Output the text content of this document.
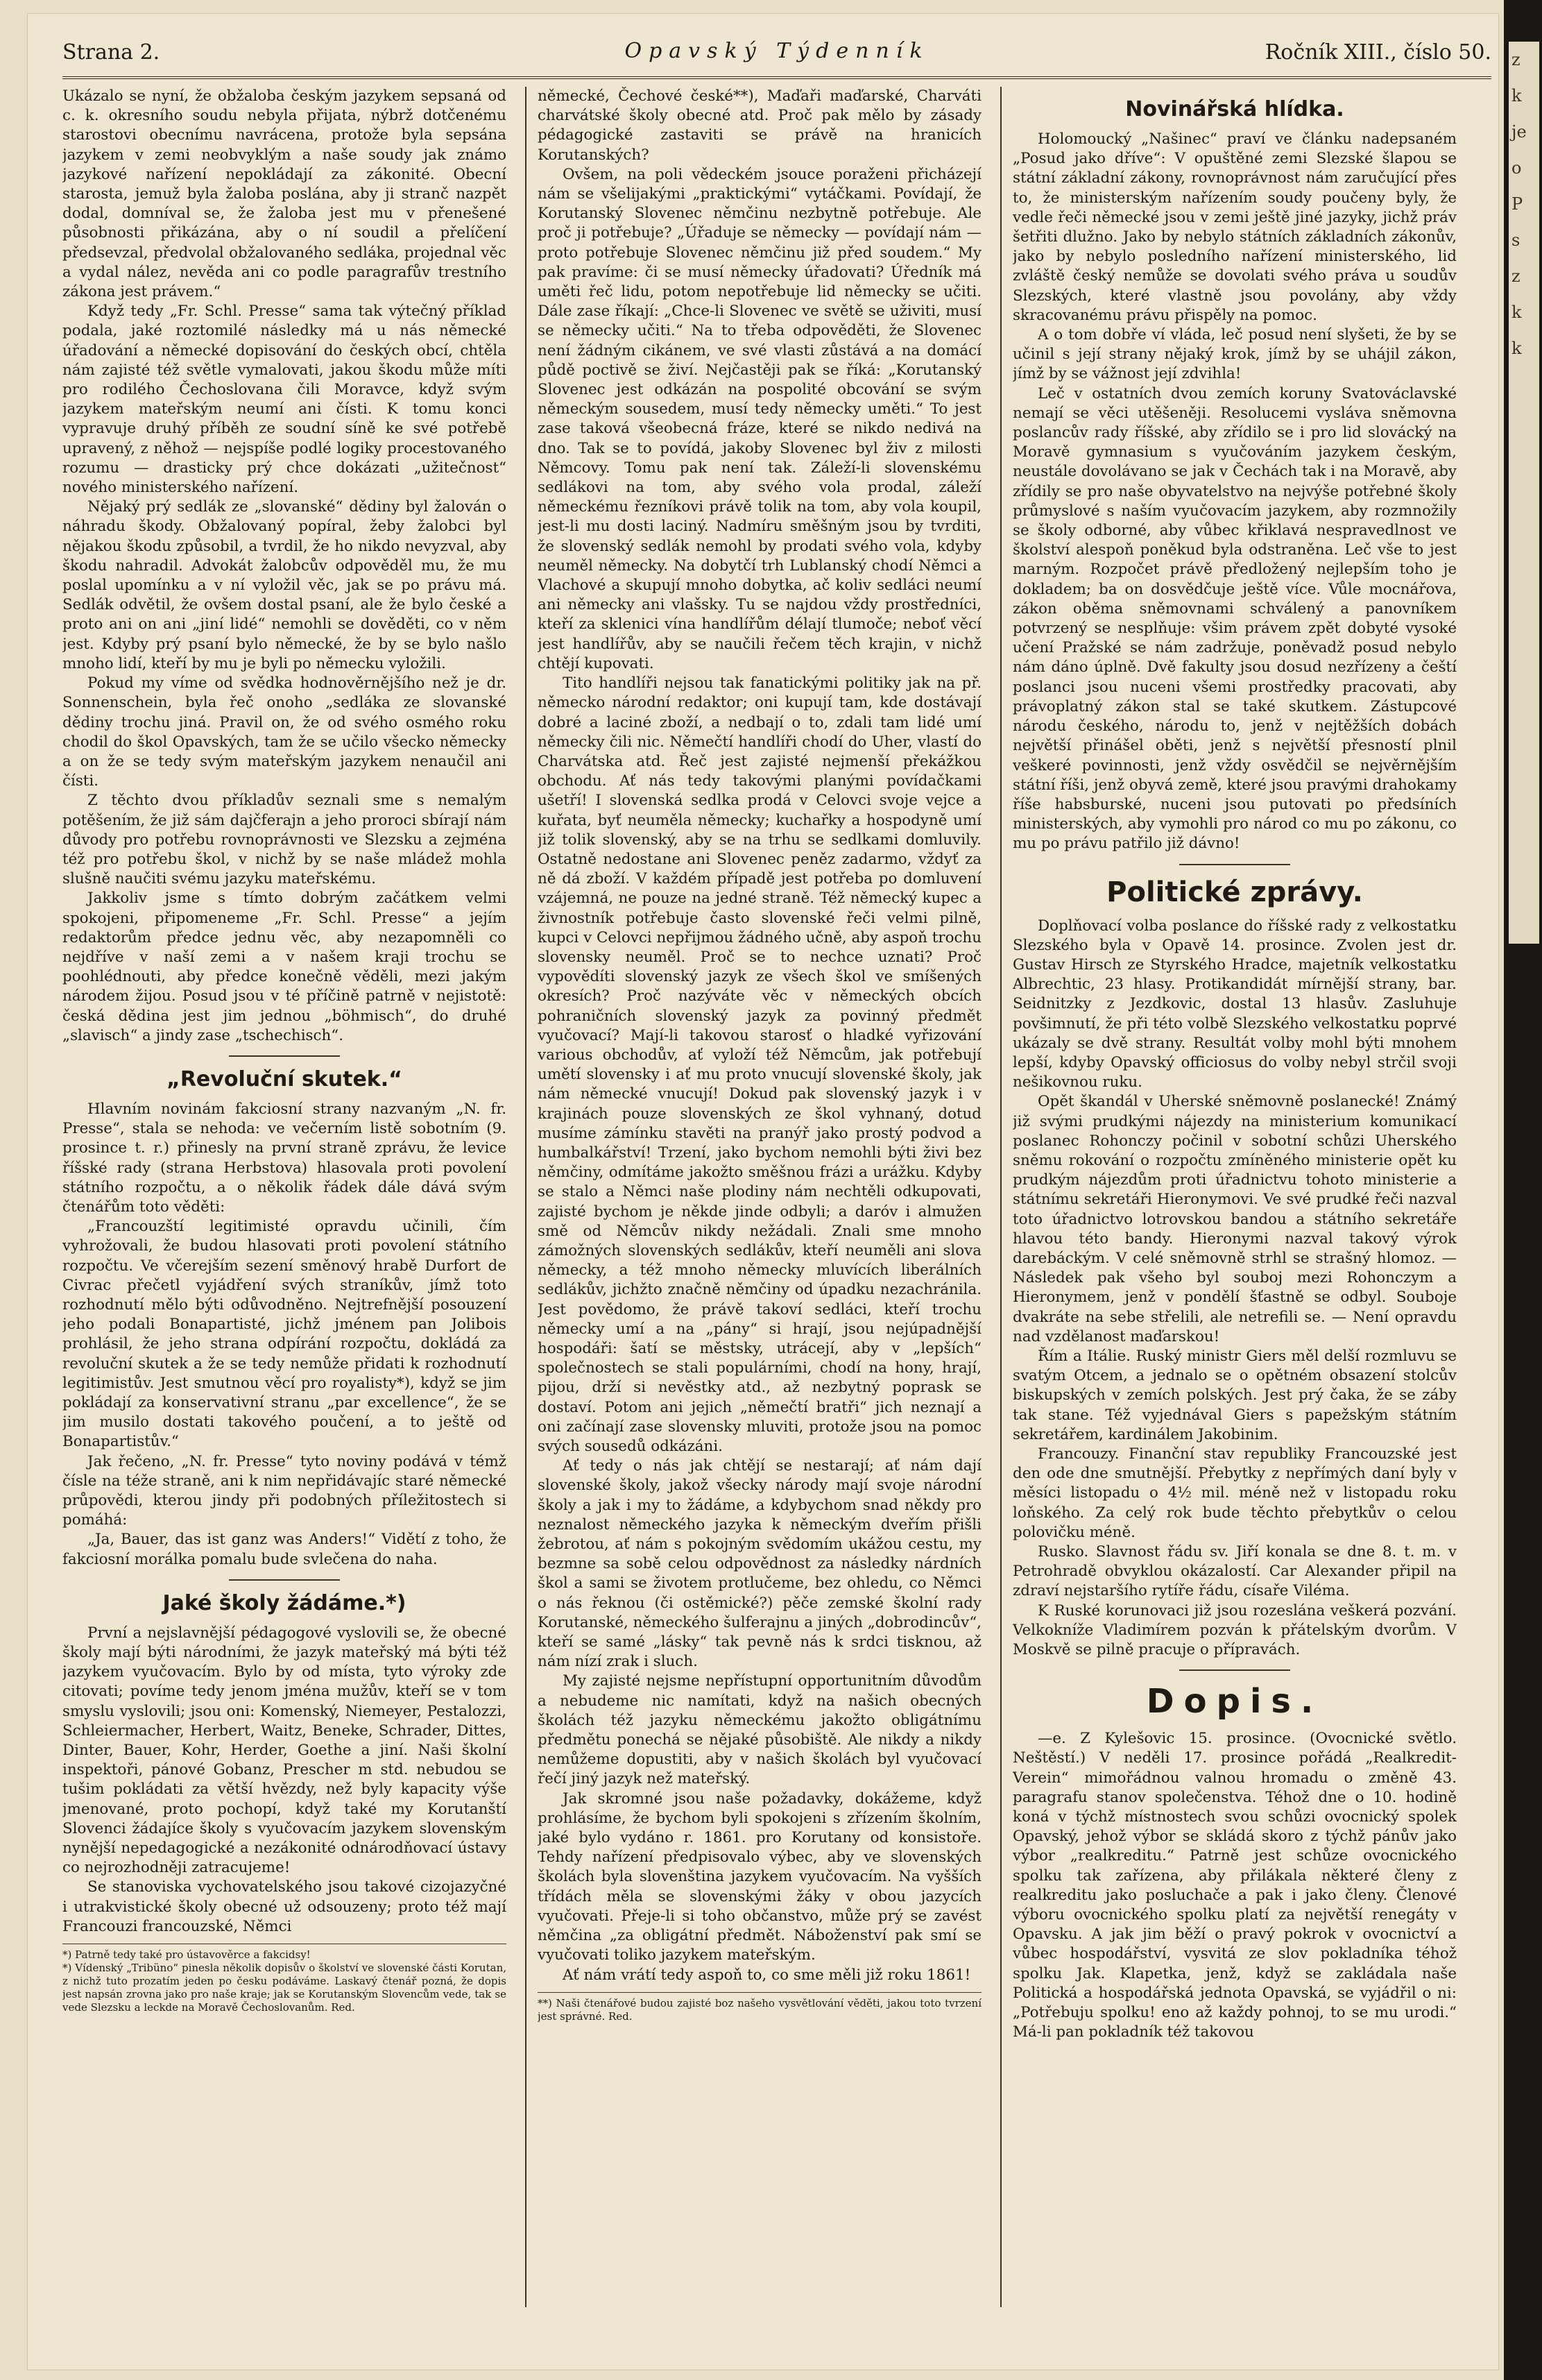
Strana 2.	Opavský Týdenník	Ročník XIII., číslo 50.

Ukázalo se nyní, že obžaloba českým jazykem sepsaná od c. k. okresního soudu nebyla přijata, nýbrž dotčenému starostovi obecnímu navrácena, protože byla sepsána jazykem v zemi neobvyklým a naše soudy jak známo jazykové nařízení nepokládají za zákonité. Obecní starosta, jemuž byla žaloba poslána, aby ji stranč nazpět dodal, domníval se, že žaloba jest mu v přenešené působnosti přikázána, aby o ní soudil a přelíčení předsevzal, předvolal obžalovaného sedláka, projednal věc a vydal nález, nevěda ani co podle paragrafův trestního zákona jest právem.“

Když tedy „Fr. Schl. Presse“ sama tak výtečný příklad podala, jaké roztomilé následky má u nás německé úřadování a německé dopisování do českých obcí, chtěla nám zajisté též světle vymalovati, jakou škodu může míti pro rodilého Čechoslovana čili Moravce, když svým jazykem mateřským neumí ani čísti. K tomu konci vypravuje druhý příběh ze soudní síně ke své potřebě upravený, z něhož — nejspíše podlé logiky procestovaného rozumu — drasticky prý chce dokázati „užitečnost“ nového ministerského nařízení.

Nějaký prý sedlák ze „slovanské“ dědiny byl žalován o náhradu škody. Obžalovaný popíral, žeby žalobci byl nějakou škodu způsobil, a tvrdil, že ho nikdo nevyzval, aby škodu nahradil. Advokát žalobcův odpověděl mu, že mu poslal upomínku a v ní vyložil věc, jak se po právu má. Sedlák odvětil, že ovšem dostal psaní, ale že bylo české a proto ani on ani „jiní lidé“ nemohli se dověděti, co v něm jest. Kdyby prý psaní bylo německé, že by se bylo našlo mnoho lidí, kteří by mu je byli po německu vyložili.

Pokud my víme od svědka hodnověrnějšího než je dr. Sonnenschein, byla řeč onoho „sedláka ze slovanské dědiny trochu jiná. Pravil on, že od svého osmého roku chodil do škol Opavských, tam že se učilo všecko německy a on že se tedy svým mateřským jazykem nenaučil ani čísti.

Z těchto dvou příkladův seznali sme s nemalým potěšením, že již sám dajčferajn a jeho proroci sbírají nám důvody pro potřebu rovnoprávnosti ve Slezsku a zejména též pro potřebu škol, v nichž by se naše mládež mohla slušně naučiti svému jazyku mateřskému.

Jakkoliv jsme s tímto dobrým začátkem velmi spokojeni, připomeneme „Fr. Schl. Presse“ a jejím redaktorům předce jednu věc, aby nezapomněli co nejdříve v naší zemi a v našem kraji trochu se poohlédnouti, aby předce konečně věděli, mezi jakým národem žijou. Posud jsou v té příčině patrně v nejistotě: česká dědina jest jim jednou „böhmisch“, do druhé „slavisch“ a jindy zase „tschechisch“.

„Revoluční skutek.“

Hlavním novinám fakciosní strany nazvaným „N. fr. Presse“, stala se nehoda: ve večerním listě sobotním (9. prosince t. r.) přinesly na první straně zprávu, že levice říšské rady (strana Herbstova) hlasovala proti povolení státního rozpočtu, a o několik řádek dále dává svým čtenářům toto věděti:

„Francouzští legitimisté opravdu učinili, čím vyhrožovali, že budou hlasovati proti povolení státního rozpočtu. Ve včerejším sezení směnový hrabě Durfort de Civrac přečetl vyjádření svých straníkův, jímž toto rozhodnutí mělo býti odůvodněno. Nejtrefnější posouzení jeho podali Bonapartisté, jichž jménem pan Jolibois prohlásil, že jeho strana odpírání rozpočtu, dokládá za revoluční skutek a že se tedy nemůže přidati k rozhodnutí legitimistův. Jest smutnou věcí pro royalisty*), když se jim pokládají za konservativní stranu „par excellence“, že se jim musilo dostati takového poučení, a to ještě od Bonapartistův.“

Jak řečeno, „N. fr. Presse“ tyto noviny podává v témž čísle na téže straně, ani k nim nepřidávajíc staré německé průpovědi, kterou jindy při podobných příležitostech si pomáhá:

„Ja, Bauer, das ist ganz was Anders!“ Vidětí z toho, že fakciosní morálka pomalu bude svlečena do naha.

Jaké školy žádáme.*)

První a nejslavnější pédagogové vyslovili se, že obecné školy mají býti národními, že jazyk mateřský má býti též jazykem vyučovacím. Bylo by od místa, tyto výroky zde citovati; povíme tedy jenom jména mužův, kteří se v tom smyslu vyslovili; jsou oni: Komenský, Niemeyer, Pestalozzi, Schleiermacher, Herbert, Waitz, Beneke, Schrader, Dittes, Dinter, Bauer, Kohr, Herder, Goethe a jiní. Naši školní inspektoři, pánové Gobanz, Prescher m std. nebudou se tušim pokládati za větší hvězdy, než byly kapacity výše jmenované, proto pochopí, když také my Korutanští Slovenci žádajíce školy s vyučovacím jazykem slovenským nynější nepedagogické a nezákonité odnárodňovací ústavy co nejrozhodněji zatracujeme!

Se stanoviska vychovatelského jsou takové cizojazyčné i utrakvistické školy obecné už odsouzeny; proto též mají Francouzi francouzské, Němci

*) Patrně tedy také pro ústavověrce a fakcidsy!

*) Vídenský „Tribüno“ pinesla několik dopisův o školství ve slovenské části Korutan, z nichž tuto prozatím jeden po česku podáváme. Laskavý čtenář pozná, že dopis jest napsán zrovna jako pro naše kraje; jak se Korutanským Slovencům vede, tak se vede Slezsku a leckde na Moravě Čechoslovanům. Red.

německé, Čechové české**), Maďaři maďarské, Charváti charvátské školy obecné atd. Proč pak mělo by zásady pédagogické zastaviti se právě na hranicích Korutanských?

Ovšem, na poli vědeckém jsouce poraženi přicházejí nám se všelijakými „praktickými“ vytáčkami. Povídají, že Korutanský Slovenec němčinu nezbytně potřebuje. Ale proč ji potřebuje? „Úřaduje se německy — povídají nám — proto potřebuje Slovenec němčinu již před soudem.“ My pak pravíme: či se musí německy úřadovati? Úředník má uměti řeč lidu, potom nepotřebuje lid německy se učiti. Dále zase říkají: „Chce-li Slovenec ve světě se uživiti, musí se německy učiti.“ Na to třeba odpověděti, že Slovenec není žádným cikánem, ve své vlasti zůstává a na domácí půdě poctivě se živí. Nejčastěji pak se říká: „Korutanský Slovenec jest odkázán na pospolité obcování se svým německým sousedem, musí tedy německy uměti.“ To jest zase taková všeobecná fráze, které se nikdo nedivá na dno. Tak se to povídá, jakoby Slovenec byl živ z milosti Němcovy. Tomu pak není tak. Záleží-li slovenskému sedlákovi na tom, aby svého vola prodal, záleží německému řezníkovi právě tolik na tom, aby vola koupil, jest-li mu dosti laciný. Nadmíru směšným jsou by tvrditi, že slovenský sedlák nemohl by prodati svého vola, kdyby neuměl německy. Na dobytčí trh Lublanský chodí Němci a Vlachové a skupují mnoho dobytka, ač koliv sedláci neumí ani německy ani vlašsky. Tu se najdou vždy prostředníci, kteří za sklenici vína handlířům délají tlumoče; neboť věcí jest handlířův, aby se naučili řečem těch krajin, v nichž chtějí kupovati.

Tito handlíři nejsou tak fanatickými politiky jak na př. německo národní redaktor; oni kupují tam, kde dostávají dobré a laciné zboží, a nedbají o to, zdali tam lidé umí německy čili nic. Němečtí handlíři chodí do Uher, vlastí do Charvátska atd. Řeč jest zajisté nejmenší překážkou obchodu. Ať nás tedy takovými planými povídačkami ušetří! I slovenská sedlka prodá v Celovci svoje vejce a kuřata, byť neuměla německy; kuchařky a hospodyně umí již tolik slovenský, aby se na trhu se sedlkami domluvily. Ostatně nedostane ani Slovenec peněz zadarmo, vždyť za ně dá zboží. V každém případě jest potřeba po domluvení vzájemná, ne pouze na jedné straně. Též německý kupec a živnostník potřebuje často slovenské řeči velmi pilně, kupci v Celovci nepřijmou žádného učně, aby aspoň trochu slovensky neuměl. Proč se to nechce uznati? Proč vypovědíti slovenský jazyk ze všech škol ve smíšených okresích? Proč nazýváte věc v německých obcích pohraničních slovenský jazyk za povinný předmět vyučovací? Mají-li takovou starosť o hladké vyřizování various obchodův, ať vyloží též Němcům, jak potřebují umětí slovensky i ať mu proto vnucují slovenské školy, jak nám německé vnucují! Dokud pak slovenský jazyk i v krajinách pouze slovenských ze škol vyhnaný, dotud musíme zámínku stavěti na pranýř jako prostý podvod a humbalkářství! Trzení, jako bychom nemohli býti živi bez němčiny, odmítáme jakožto směšnou frázi a urážku. Kdyby se stalo a Němci naše plodiny nám nechtěli odkupovati, zajisté bychom je někde jinde odbyli; a daróv i almužen smě od Němcův nikdy nežádali. Znali sme mnoho zámožných slovenských sedlákův, kteří neuměli ani slova německy, a též mnoho německy mluvících liberálních sedlákův, jichžto značně němčiny od úpadku nezachránila. Jest povědomo, že právě takoví sedláci, kteří trochu německy umí a na „pány“ si hrají, jsou nejúpadnější hospodáři: šatí se městsky, utrácejí, aby v „lepších“ společnostech se stali populárními, chodí na hony, hrají, pijou, drží si nevěstky atd., až nezbytný poprask se dostaví. Potom ani jejich „němečtí bratři“ jich neznají a oni začínají zase slovensky mluviti, protože jsou na pomoc svých sousedů odkázáni.

Ať tedy o nás jak chtějí se nestarají; ať nám dají slovenské školy, jakož všecky národy mají svoje národní školy a jak i my to žádáme, a kdybychom snad někdy pro neznalost německého jazyka k německým dveřím přišli žebrotou, ať nám s pokojným svědomím ukážou cestu, my bezmne sa sobě celou odpovědnost za následky nárdních škol a sami se životem protlučeme, bez ohledu, co Němci o nás řeknou (či ostěmické?) pěče zemské školní rady Korutanské, německého šulferajnu a jiných „dobrodincův“, kteří se samé „lásky“ tak pevně nás k srdci tisknou, až nám nízí zrak i sluch.

My zajisté nejsme nepřístupní opportunitním důvodům a nebudeme nic namítati, když na našich obecných školách též jazyku německému jakožto obligátnímu předmětu ponechá se nějaké působiště. Ale nikdy a nikdy nemůžeme dopustiti, aby v našich školách byl vyučovací řečí jiný jazyk než mateřský.

Jak skromné jsou naše požadavky, dokážeme, když prohlásíme, že bychom byli spokojeni s zřízením školním, jaké bylo vydáno r. 1861. pro Korutany od konsistoře. Tehdy nařízení předpisovalo výbec, aby ve slovenských školách byla slovenština jazykem vyučovacím. Na vyšších třídách měla se slovenskými žáky v obou jazycích vyučovati. Přeje-li si toho občanstvo, může prý se zavést němčina „za obligátní předmět. Náboženství pak smí se vyučovati toliko jazykem mateřským.

Ať nám vrátí tedy aspoň to, co sme měli již roku 1861!

**) Naši čtenářové budou zajisté boz našeho vysvětlování věděti, jakou toto tvrzení jest správné. Red.

Novinářská hlídka.

Holomoucký „Našinec“ praví ve článku nadepsaném „Posud jako dříve“: V opuštěné zemi Slezské šlapou se státní základní zákony, rovnoprávnost nám zaručující přes to, že ministerským nařízením soudy poučeny byly, že vedle řeči německé jsou v zemi ještě jiné jazyky, jichž práv šetřiti dlužno. Jako by nebylo státních základních zákonův, jako by nebylo posledního nařízení ministerského, lid zvláště český nemůže se dovolati svého práva u soudův Slezských, které vlastně jsou povolány, aby vždy skracovanému právu přispěly na pomoc.

A o tom dobře ví vláda, leč posud není slyšeti, že by se učinil s její strany nějaký krok, jímž by se uhájil zákon, jímž by se vážnost její zdvihla!

Leč v ostatních dvou zemích koruny Svatováclavské nemají se věci utěšeněji. Resolucemi vysláva sněmovna poslancův rady říšské, aby zřídilo se i pro lid slovácký na Moravě gymnasium s vyučováním jazykem českým, neustále dovolávano se jak v Čechách tak i na Moravě, aby zřídily se pro naše obyvatelstvo na nejvýše potřebné školy průmyslové s naším vyučovacím jazykem, aby rozmnožily se školy odborné, aby vůbec křiklavá nespravedlnost ve školství alespoň poněkud byla odstraněna. Leč vše to jest marným. Rozpočet právě předložený nejlepším toho je dokladem; ba on dosvědčuje ještě více. Vůle mocnářova, zákon oběma sněmovnami schválený a panovníkem potvrzený se nesplňuje: všim právem zpět dobyté vysoké učení Pražské se nám zadržuje, poněvadž posud nebylo nám dáno úplně. Dvě fakulty jsou dosud nezřízeny a čeští poslanci jsou nuceni všemi prostředky pracovati, aby právoplatný zákon stal se také skutkem. Zástupcové národu českého, národu to, jenž v nejtěžších dobách největší přinášel oběti, jenž s největší přesností plnil veškeré povinnosti, jenž vždy osvědčil se nejvěrnějším státní říši, jenž obyvá země, které jsou pravými drahokamy říše habsburské, nuceni jsou putovati po předsíních ministerských, aby vymohli pro národ co mu po zákonu, co mu po právu patřilo již dávno!

Politické zprávy.

Doplňovací volba poslance do říšské rady z velkostatku Slezského byla v Opavě 14. prosince. Zvolen jest dr. Gustav Hirsch ze Styrského Hradce, majetník velkostatku Albrechtic, 23 hlasy. Protikandidát mírnější strany, bar. Seidnitzky z Jezdkovic, dostal 13 hlasův. Zasluhuje povšimnutí, že při této volbě Slezského velkostatku poprvé ukázaly se dvě strany. Resultát volby mohl býti mnohem lepší, kdyby Opavský officiosus do volby nebyl strčil svoji nešikovnou ruku.

Opět škandál v Uherské sněmovně poslanecké! Známý již svými prudkými nájezdy na ministerium komunikací poslanec Rohonczy počinil v sobotní schůzi Uherského sněmu rokování o rozpočtu zmíněného ministerie opět ku prudkým nájezdům proti úřadnictvu tohoto ministerie a státnímu sekretáři Hieronymovi. Ve své prudké řeči nazval toto úřadnictvo lotrovskou bandou a státního sekretáře hlavou této bandy. Hieronymi nazval takový výrok darebáckým. V celé sněmovně strhl se strašný hlomoz. — Následek pak všeho byl souboj mezi Rohonczym a Hieronymem, jenž v pondělí šťastně se odbyl. Souboje dvakráte na sebe střelili, ale netrefili se. — Není opravdu nad vzdělanost maďarskou!

Řím a Itálie. Ruský ministr Giers měl delší rozmluvu se svatým Otcem, a jednalo se o opětném obsazení stolcův biskupských v zemích polských. Jest prý čaka, že se záby tak stane. Též vyjednával Giers s papežským státním sekretářem, kardinálem Jakobinim.

Francouzy. Finanční stav republiky Francouzské jest den ode dne smutnější. Přebytky z nepřímých daní byly v měsíci listopadu o 4½ mil. méně než v listopadu roku loňského. Za celý rok bude těchto přebytkův o celou polovičku méně.

Rusko. Slavnost řádu sv. Jiří konala se dne 8. t. m. v Petrohradě obvyklou okázalostí. Car Alexander připil na zdraví nejstaršího rytíře řádu, císaře Viléma.

K Ruské korunovaci již jsou rozeslána veškerá pozvání. Velkokníže Vladimírem pozván k přátelským dvorům. V Moskvě se pilně pracuje o přípravách.

Dopis.

—e. Z Kylešovic 15. prosince. (Ovocnické světlo. Neštěstí.) V neděli 17. prosince pořádá „Realkredit-Verein“ mimořádnou valnou hromadu o změně 43. paragrafu stanov společenstva. Téhož dne o 10. hodině koná v týchž místnostech svou schůzi ovocnický spolek Opavský, jehož výbor se skládá skoro z týchž pánův jako výbor „realkreditu.“ Patrně jest schůze ovocnického spolku tak zařízena, aby přilákala některé členy z realkreditu jako posluchače a pak i jako členy. Členové výboru ovocnického spolku platí za největší renegáty v Opavsku. A jak jim běží o pravý pokrok v ovocnictví a vůbec hospodářství, vysvitá ze slov pokladníka téhož spolku Jak. Klapetka, jenž, když se zakládala naše Politická a hospodářská jednota Opavská, se vyjádřil o ni: „Potřebuju spolku! eno až každy pohnoj, to se mu urodi.“ Má-li pan pokladník též takovou

z
k
je
o
P
s
z
k
k
